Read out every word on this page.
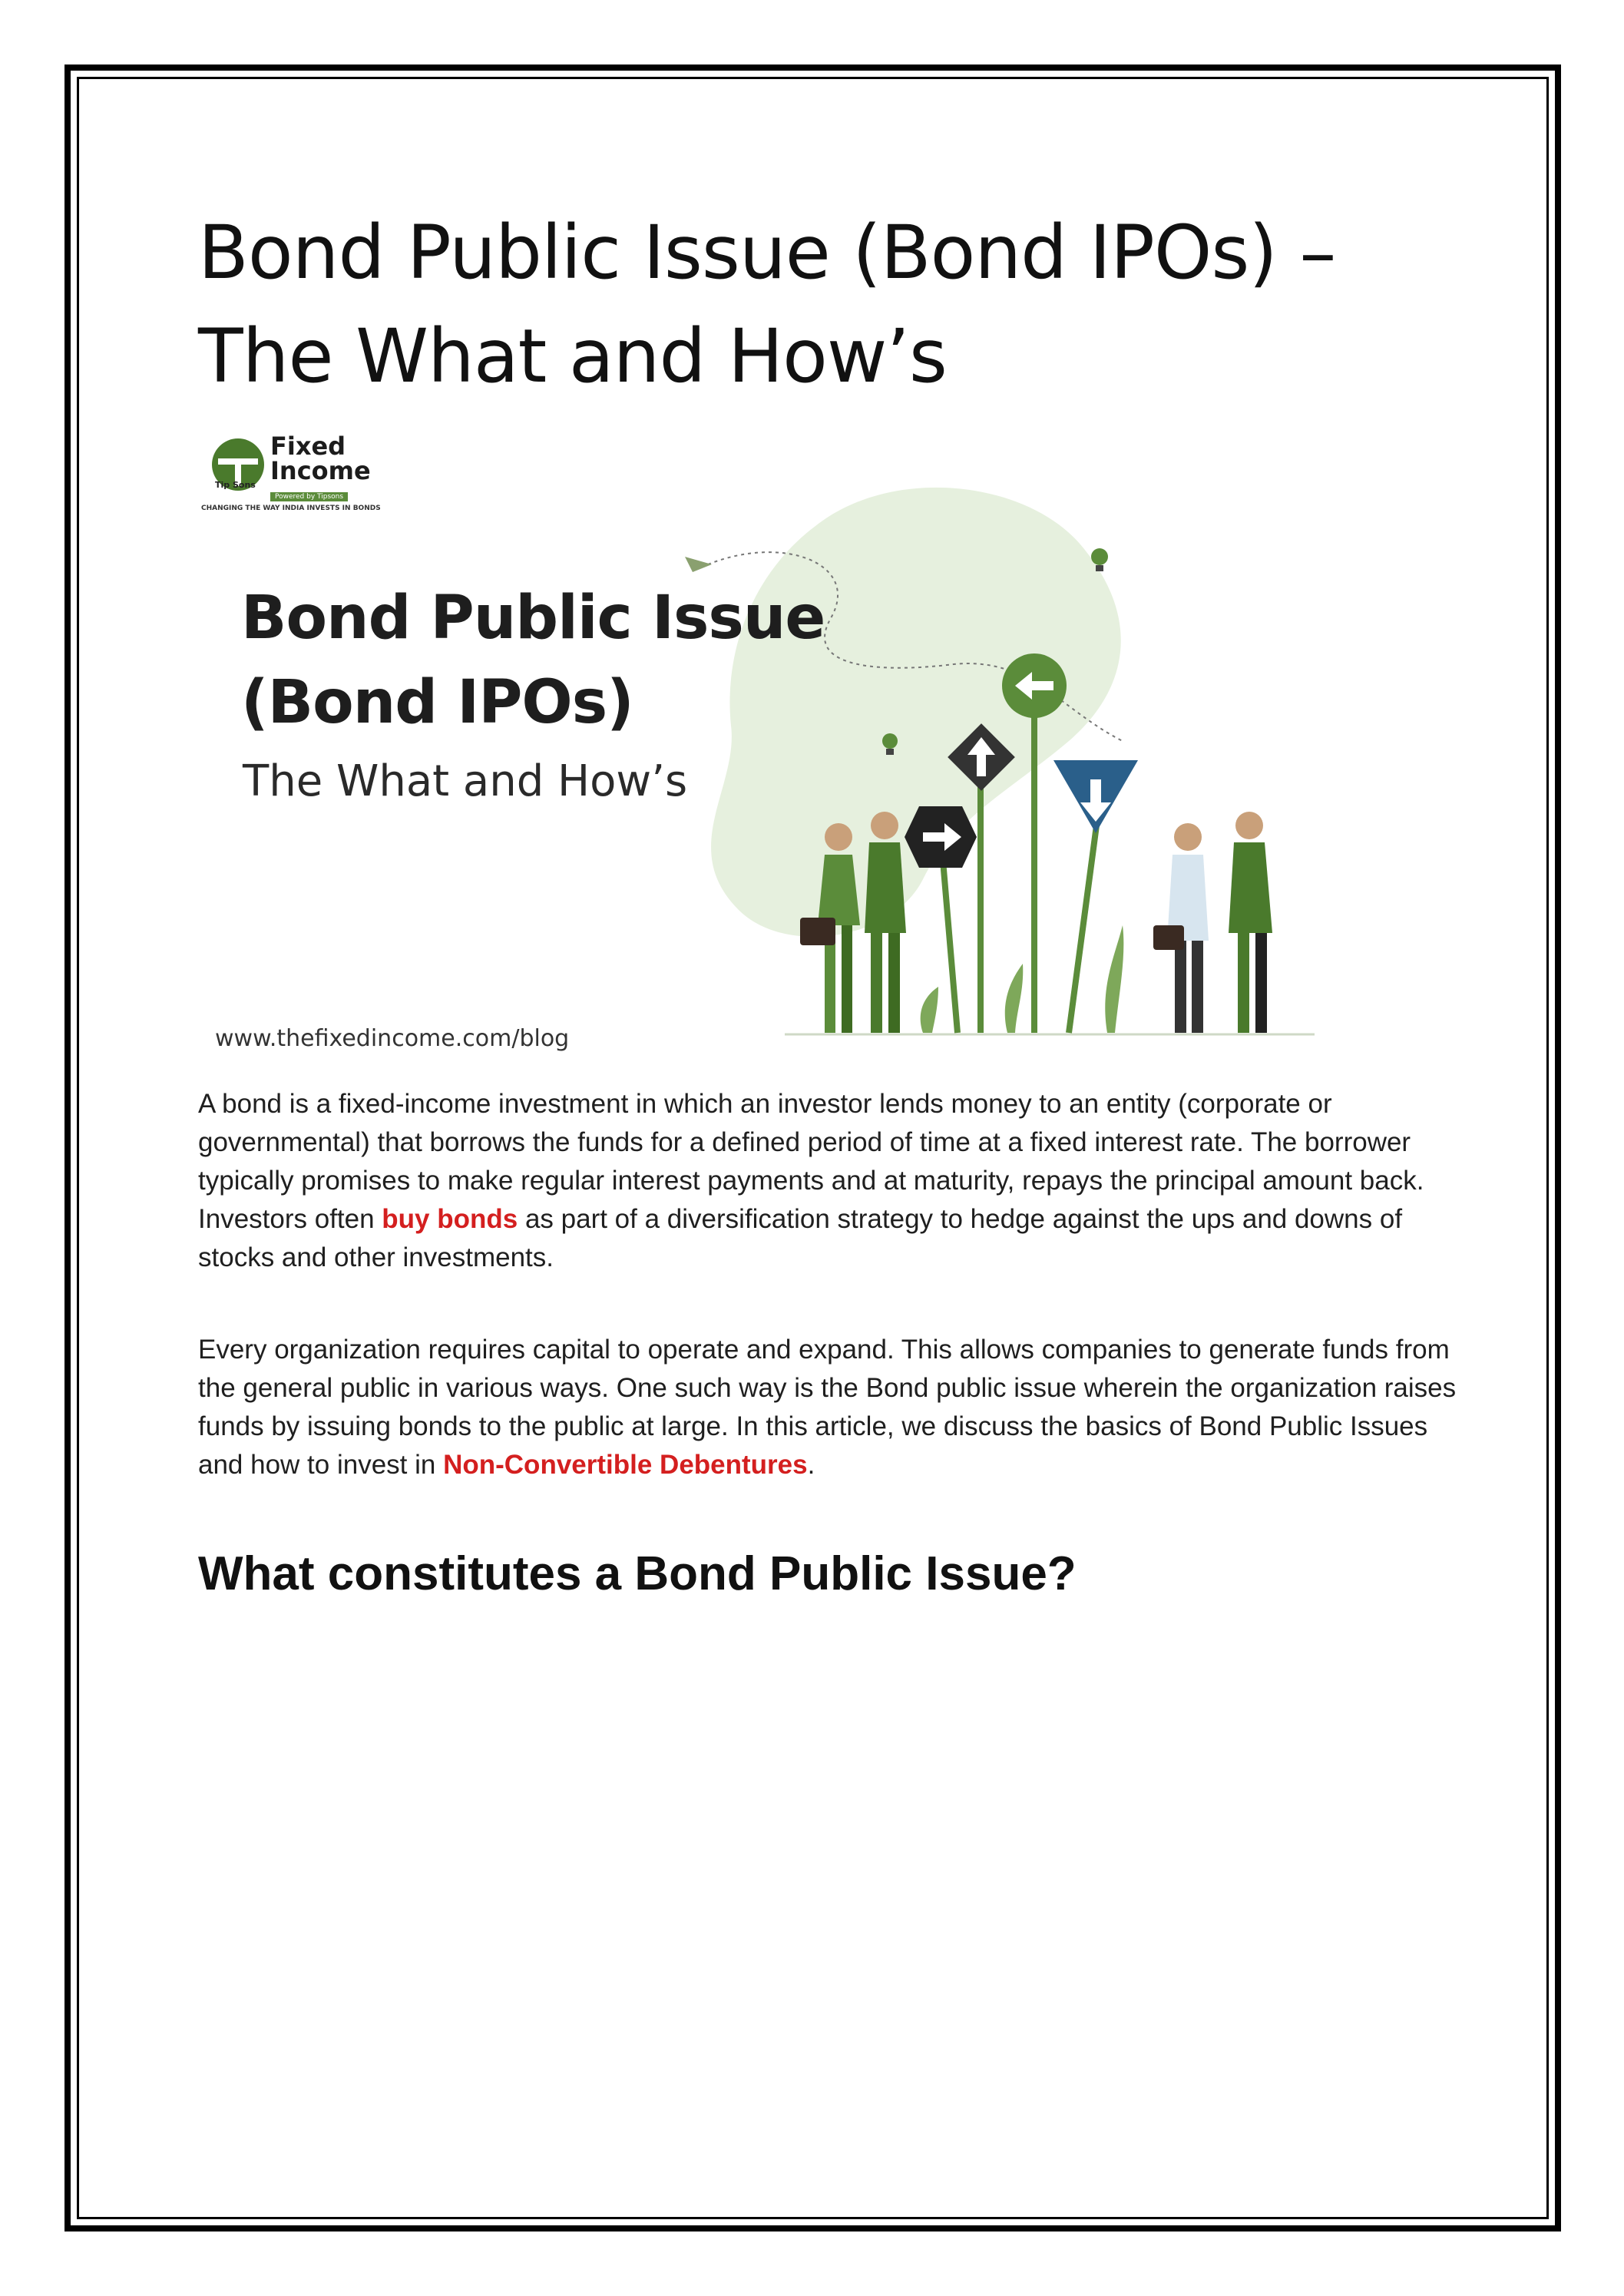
Bond Public Issue (Bond IPOs) – The What and How’s
Fixed
Income
Tip Sons
Powered by Tipsons
CHANGING THE WAY INDIA INVESTS IN BONDS
Bond Public Issue
(Bond IPOs)
The What and How’s
www.thefixedincome.com/blog

A bond is a fixed-income investment in which an investor lends money to an entity (corporate or governmental) that borrows the funds for a defined period of time at a fixed interest rate. The borrower typically promises to make regular interest payments and at maturity, repays the principal amount back. Investors often buy bonds as part of a diversification strategy to hedge against the ups and downs of stocks and other investments.

Every organization requires capital to operate and expand. This allows companies to generate funds from the general public in various ways. One such way is the Bond public issue wherein the organization raises funds by issuing bonds to the public at large. In this article, we discuss the basics of Bond Public Issues and how to invest in Non-Convertible Debentures.

What constitutes a Bond Public Issue?
